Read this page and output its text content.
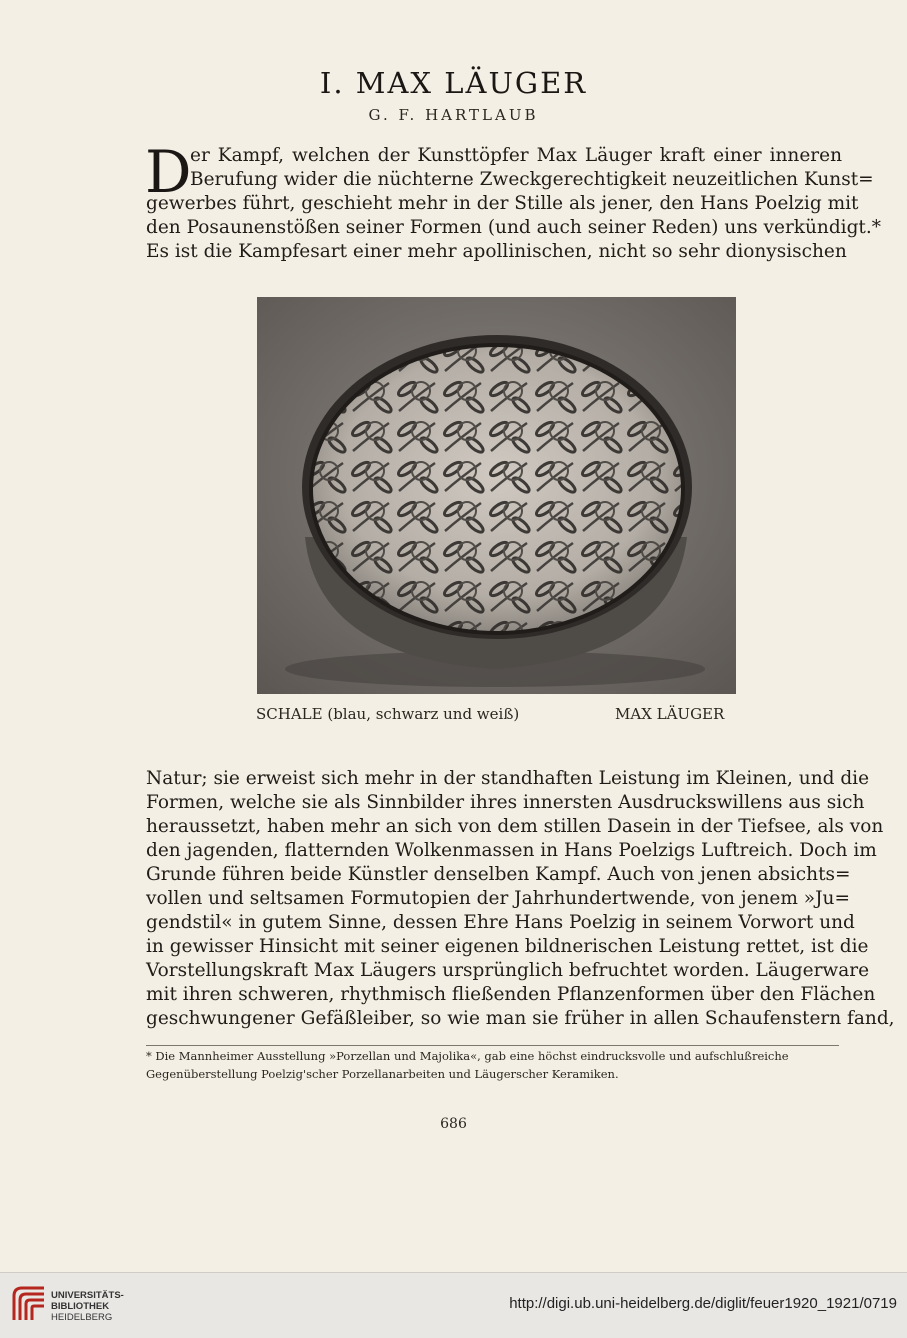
I. MAX LÄUGER
G. F. HARTLAUB
D
er Kampf, welchen der Kunsttöpfer Max Läuger kraft einer inneren
Berufung wider die nüchterne Zweckgerechtigkeit neuzeitlichen Kunst=
gewerbes führt, geschieht mehr in der Stille als jener, den Hans Poelzig mit
den Posaunenstößen seiner Formen (und auch seiner Reden) uns verkündigt.*
Es ist die Kampfesart einer mehr apollinischen, nicht so sehr dionysischen
SCHALE (blau, schwarz und weiß)	MAX LÄUGER
Natur; sie erweist sich mehr in der standhaften Leistung im Kleinen, und die
Formen, welche sie als Sinnbilder ihres innersten Ausdruckswillens aus sich
heraussetzt, haben mehr an sich von dem stillen Dasein in der Tiefsee, als von
den jagenden, flatternden Wolkenmassen in Hans Poelzigs Luftreich. Doch im
Grunde führen beide Künstler denselben Kampf. Auch von jenen absichts=
vollen und seltsamen Formutopien der Jahrhundertwende, von jenem »Ju=
gendstil« in gutem Sinne, dessen Ehre Hans Poelzig in seinem Vorwort und
in gewisser Hinsicht mit seiner eigenen bildnerischen Leistung rettet, ist die
Vorstellungskraft Max Läugers ursprünglich befruchtet worden. Läugerware
mit ihren schweren, rhythmisch fließenden Pflanzenformen über den Flächen
geschwungener Gefäßleiber, so wie man sie früher in allen Schaufenstern fand,
* Die Mannheimer Ausstellung »Porzellan und Majolika«, gab eine höchst eindrucksvolle und aufschlußreiche
Gegenüberstellung Poelzig'scher Porzellanarbeiten und Läugerscher Keramiken.
686
UNIVERSITÄTS-
BIBLIOTHEK
HEIDELBERG
http://digi.ub.uni-heidelberg.de/diglit/feuer1920_1921/0719
